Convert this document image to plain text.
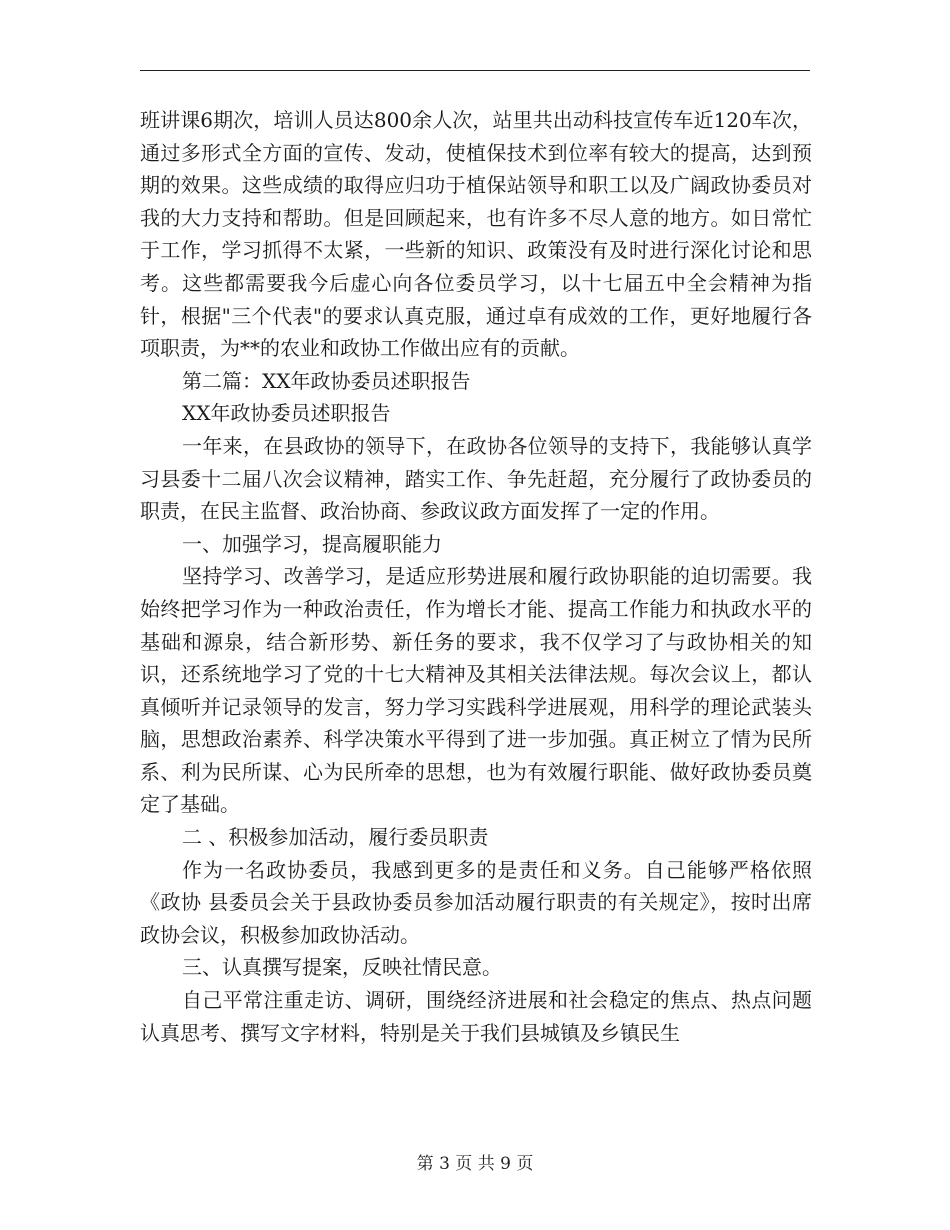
班讲课6期次，培训人员达800余人次，站里共出动科技宣传车近120车次，通过多形式全方面的宣传、发动，使植保技术到位率有较大的提高，达到预期的效果。这些成绩的取得应归功于植保站领导和职工以及广阔政协委员对我的大力支持和帮助。但是回顾起来，也有许多不尽人意的地方。如日常忙于工作，学习抓得不太紧，一些新的知识、政策没有及时进行深化讨论和思考。这些都需要我今后虚心向各位委员学习，以十七届五中全会精神为指针，根据"三个代表"的要求认真克服，通过卓有成效的工作，更好地履行各项职责，为**的农业和政协工作做出应有的贡献。

第二篇：XX年政协委员述职报告

XX年政协委员述职报告

一年来，在县政协的领导下，在政协各位领导的支持下，我能够认真学习县委十二届八次会议精神，踏实工作、争先赶超，充分履行了政协委员的职责，在民主监督、政治协商、参政议政方面发挥了一定的作用。

一、加强学习，提高履职能力

坚持学习、改善学习，是适应形势进展和履行政协职能的迫切需要。我始终把学习作为一种政治责任，作为增长才能、提高工作能力和执政水平的基础和源泉，结合新形势、新任务的要求，我不仅学习了与政协相关的知识，还系统地学习了党的十七大精神及其相关法律法规。每次会议上，都认真倾听并记录领导的发言，努力学习实践科学进展观，用科学的理论武装头脑，思想政治素养、科学决策水平得到了进一步加强。真正树立了情为民所系、利为民所谋、心为民所牵的思想，也为有效履行职能、做好政协委员奠定了基础。

二 、积极参加活动，履行委员职责

作为一名政协委员，我感到更多的是责任和义务。自己能够严格依照《政协 县委员会关于县政协委员参加活动履行职责的有关规定》，按时出席政协会议，积极参加政协活动。

三、认真撰写提案，反映社情民意。

自己平常注重走访、调研，围绕经济进展和社会稳定的焦点、热点问题认真思考、撰写文字材料，特别是关于我们县城镇及乡镇民生

第 3 页 共 9 页
